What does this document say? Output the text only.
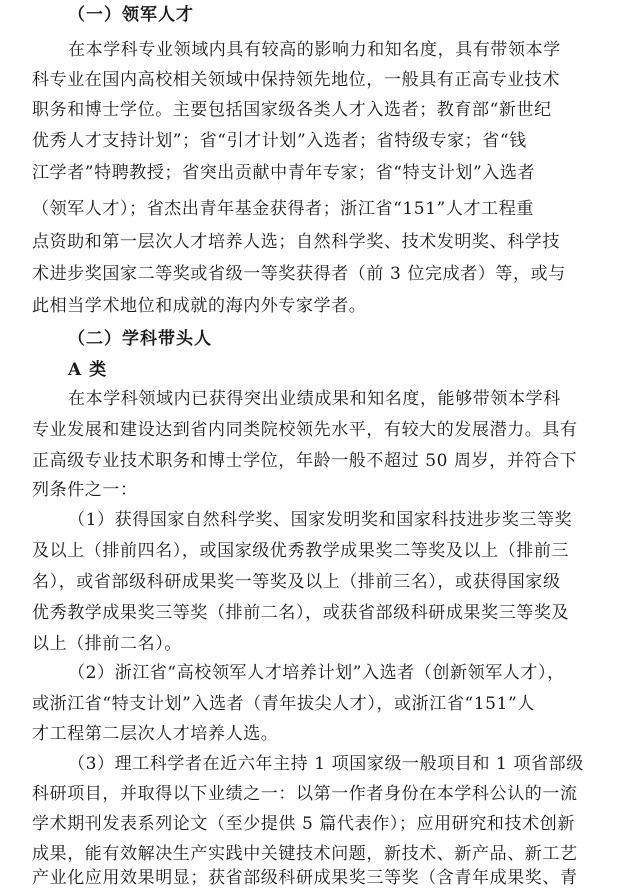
（一）领军人才
在本学科专业领域内具有较高的影响力和知名度，具有带领本学
科专业在国内高校相关领域中保持领先地位，一般具有正高专业技术
职务和博士学位。主要包括国家级各类人才入选者；教育部“新世纪
优秀人才支持计划”；省“引才计划”入选者；省特级专家；省“钱
江学者”特聘教授；省突出贡献中青年专家；省“特支计划”入选者
（领军人才）；省杰出青年基金获得者；浙江省“151”人才工程重
点资助和第一层次人才培养人选；自然科学奖、技术发明奖、科学技
术进步奖国家二等奖或省级一等奖获得者（前 3 位完成者）等，或与
此相当学术地位和成就的海内外专家学者。
（二）学科带头人
A 类
在本学科领域内已获得突出业绩成果和知名度，能够带领本学科
专业发展和建设达到省内同类院校领先水平，有较大的发展潜力。具有
正高级专业技术职务和博士学位，年龄一般不超过 50 周岁，并符合下
列条件之一：
（1）获得国家自然科学奖、国家发明奖和国家科技进步奖三等奖
及以上（排前四名），或国家级优秀教学成果奖二等奖及以上（排前三
名），或省部级科研成果奖一等奖及以上（排前三名），或获得国家级
优秀教学成果奖三等奖（排前二名），或获省部级科研成果奖三等奖及
以上（排前二名）。
（2）浙江省“高校领军人才培养计划”入选者（创新领军人才），
或浙江省“特支计划”入选者（青年拔尖人才），或浙江省“151”人
才工程第二层次人才培养人选。
（3）理工科学者在近六年主持 1 项国家级一般项目和 1 项省部级
科研项目，并取得以下业绩之一：以第一作者身份在本学科公认的一流
学术期刊发表系列论文（至少提供 5 篇代表作）；应用研究和技术创新
成果，能有效解决生产实践中关键技术问题，新技术、新产品、新工艺
产业化应用效果明显；获省部级科研成果奖三等奖（含青年成果奖、青
